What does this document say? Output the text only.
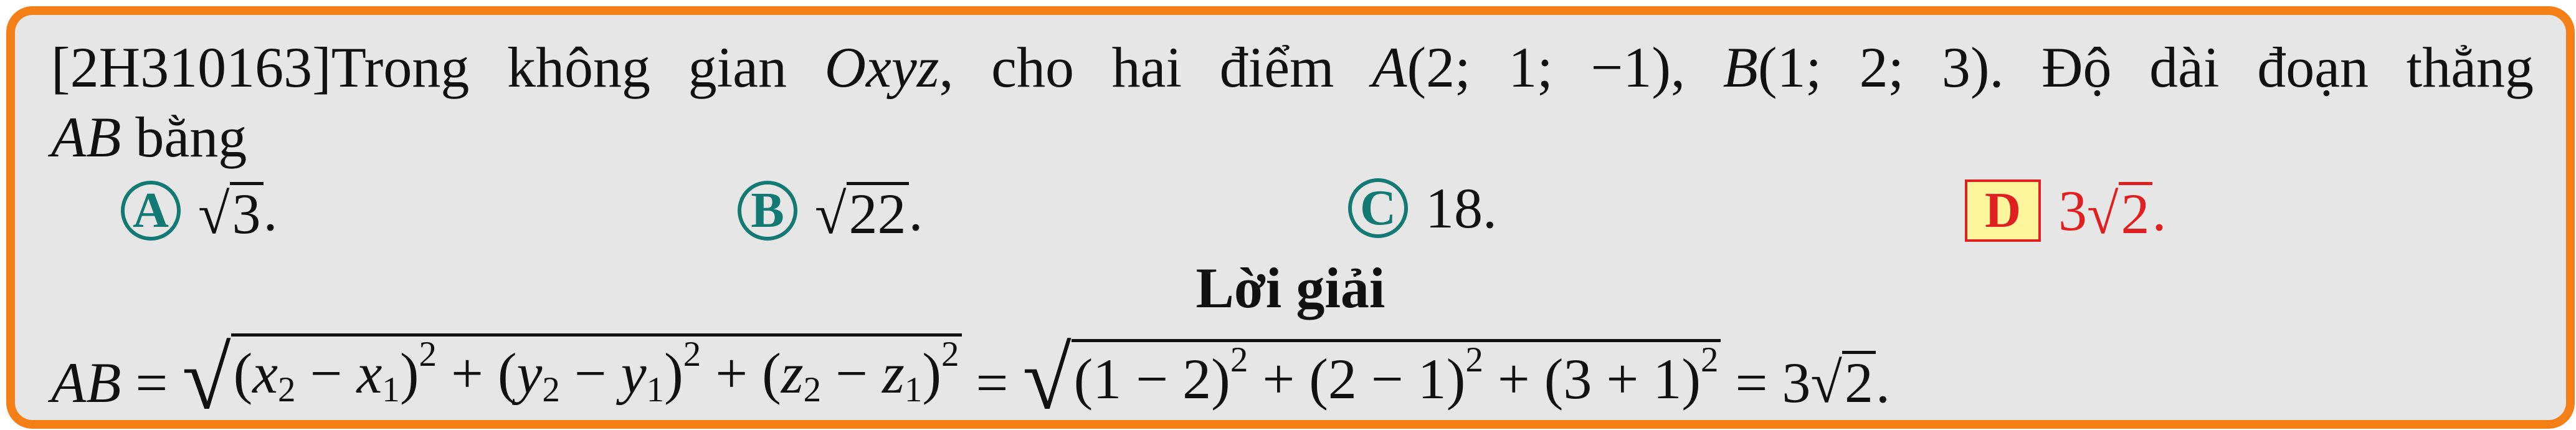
[2H310163]Trong không gian Oxyz, cho hai điểm A(2; 1; −1), B(1; 2; 3). Độ dài đoạn thẳng
AB bằng
A √ 3 .	B √ 22 .	C 18.	D 3 √ 2 .
Lời giải
AB = √ $(x_2 - x_1)^2 + (y_2 - y_1)^2 + (z_2 - z_1)^2$ = √ $(1 - 2)^2 + (2 - 1)^2 + (3 + 1)^2 = 3$ √ 2 .
